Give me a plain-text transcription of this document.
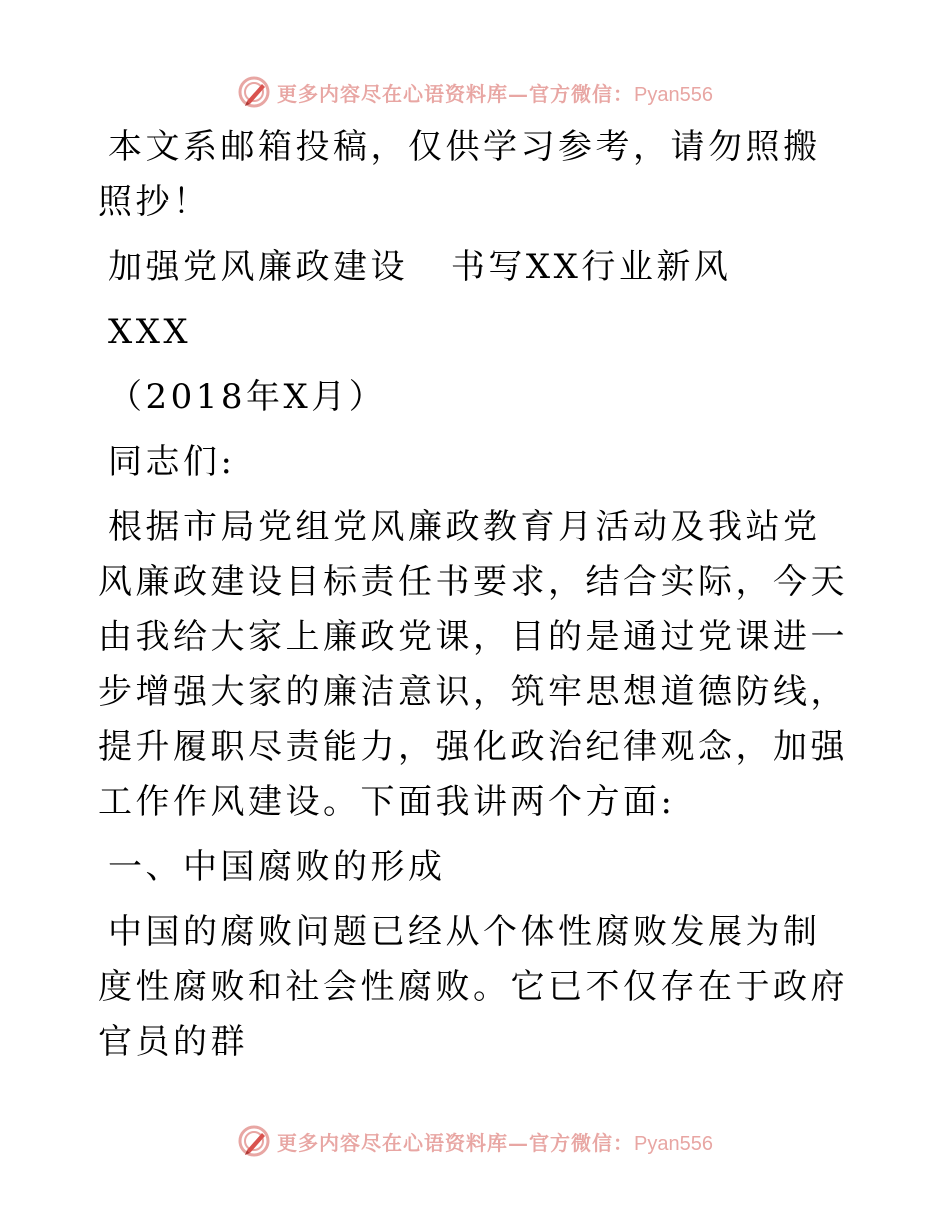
更多内容尽在心语资料库—官方微信：Pyan556

本文系邮箱投稿，仅供学习参考，请勿照搬照抄！

加强党风廉政建设   书写XX行业新风

XXX

（2018年X月）

同志们:

根据市局党组党风廉政教育月活动及我站党风廉政建设目标责任书要求，结合实际，今天由我给大家上廉政党课，目的是通过党课进一步增强大家的廉洁意识，筑牢思想道德防线，提升履职尽责能力，强化政治纪律观念，加强工作作风建设。下面我讲两个方面:

一、中国腐败的形成

中国的腐败问题已经从个体性腐败发展为制度性腐败和社会性腐败。它已不仅存在于政府官员的群

更多内容尽在心语资料库—官方微信：Pyan556
